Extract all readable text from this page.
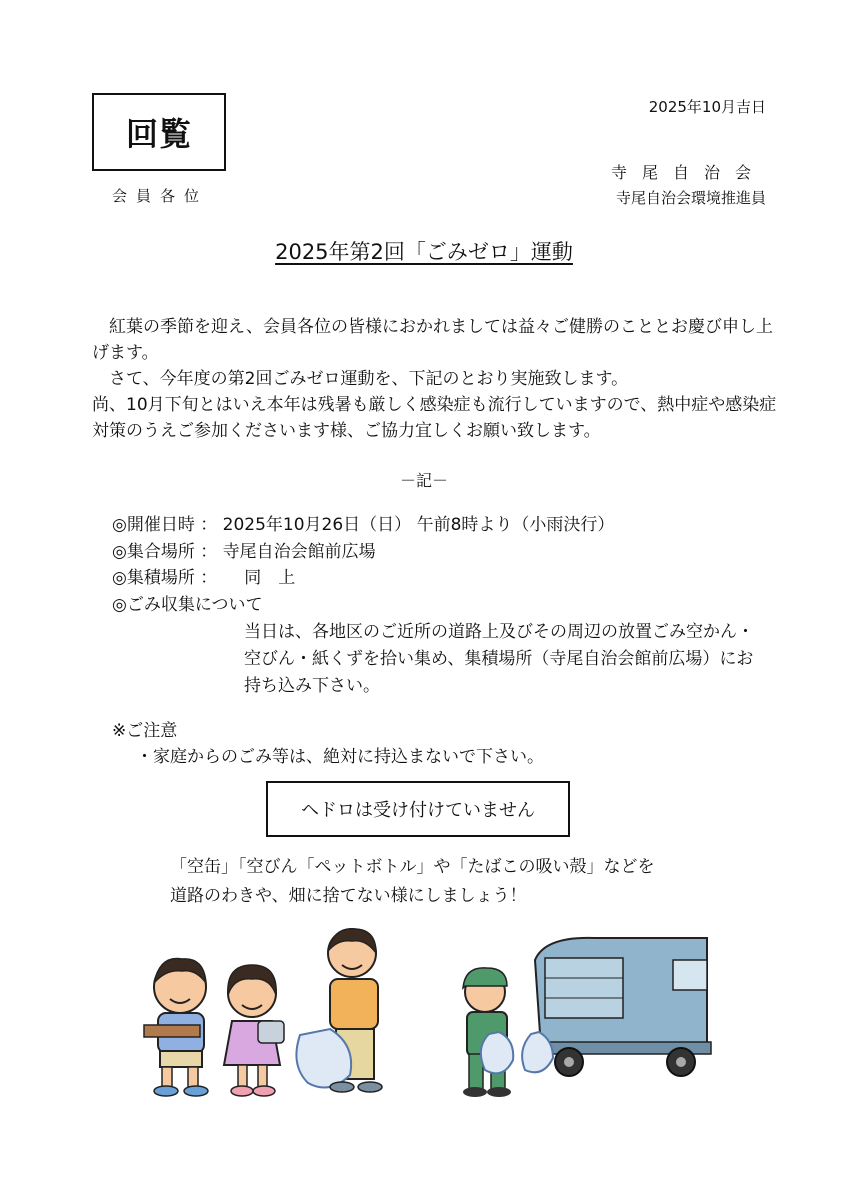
回覧
2025年10月吉日
会員各位
寺尾自治会
寺尾自治会環境推進員
2025年第2回「ごみゼロ」運動
紅葉の季節を迎え、会員各位の皆様におかれましては益々ご健勝のこととお慶び申し上げます。
さて、今年度の第2回ごみゼロ運動を、下記のとおり実施致します。
尚、10月下旬とはいえ本年は残暑も厳しく感染症も流行していますので、熱中症や感染症対策のうえご参加くださいます様、ご協力宜しくお願い致します。
－記－
◎開催日時 ： 2025年10月26日（日） 午前8時より（小雨決行）
◎集合場所 ： 寺尾自治会館前広場
◎集積場所 ：     同　上
◎ごみ収集について
当日は、各地区のご近所の道路上及びその周辺の放置ごみ空かん・空びん・紙くずを拾い集め、集積場所（寺尾自治会館前広場）にお持ち込み下さい。
※ご注意
・家庭からのごみ等は、絶対に持込まないで下さい。
ヘドロは受け付けていません
「空缶」「空びん「ペットボトル」や「たばこの吸い殻」などを
道路のわきや、畑に捨てない様にしましょう！
